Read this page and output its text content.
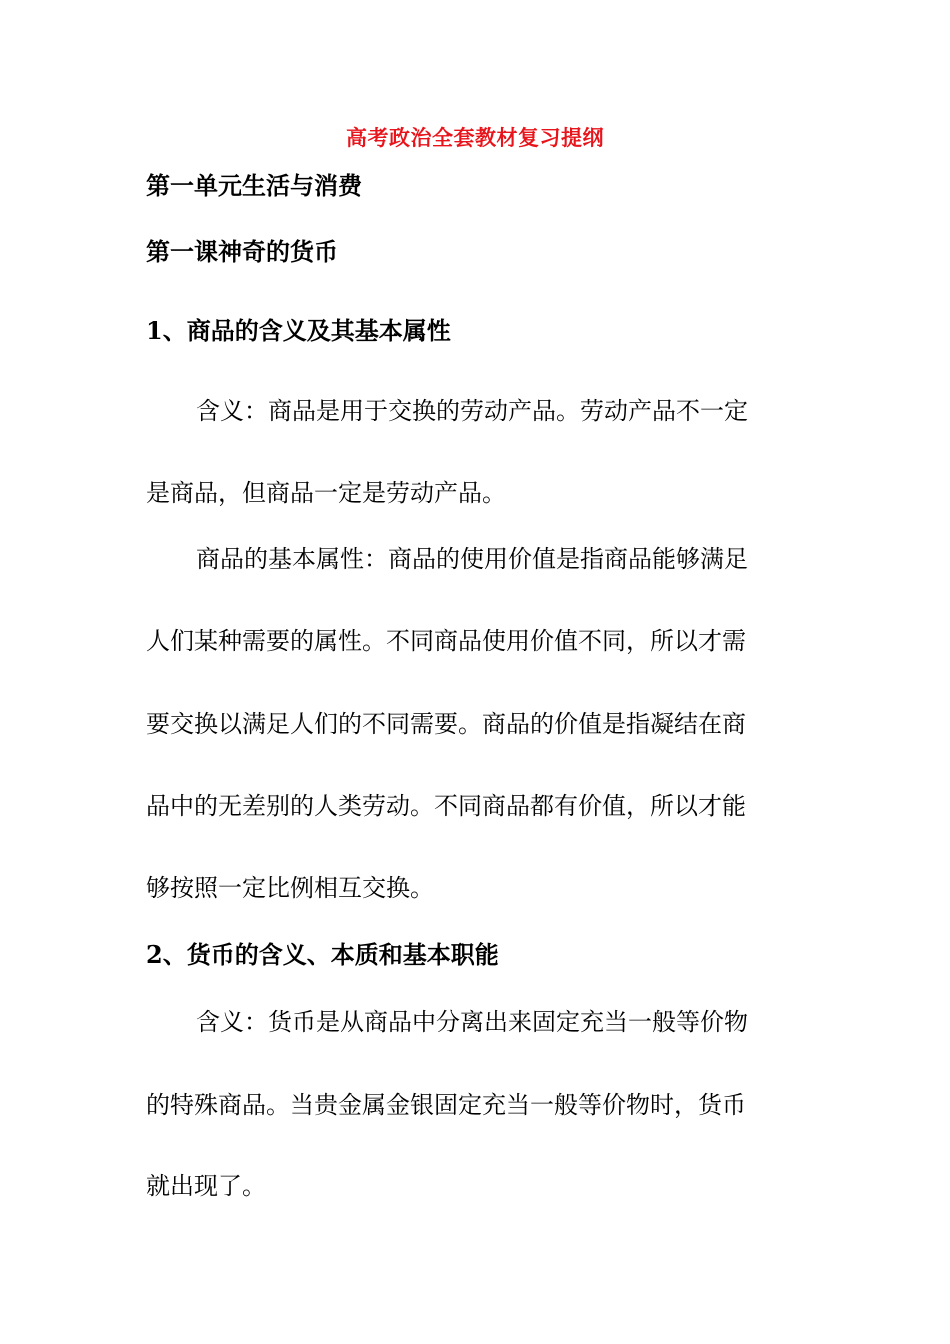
高考政治全套教材复习提纲
第一单元生活与消费
第一课神奇的货币
1、商品的含义及其基本属性
含义：商品是用于交换的劳动产品。劳动产品不一定
是商品，但商品一定是劳动产品。
商品的基本属性：商品的使用价值是指商品能够满足
人们某种需要的属性。不同商品使用价值不同，所以才需
要交换以满足人们的不同需要。商品的价值是指凝结在商
品中的无差别的人类劳动。不同商品都有价值，所以才能
够按照一定比例相互交换。
2、货币的含义、本质和基本职能
含义：货币是从商品中分离出来固定充当一般等价物
的特殊商品。当贵金属金银固定充当一般等价物时，货币
就出现了。
